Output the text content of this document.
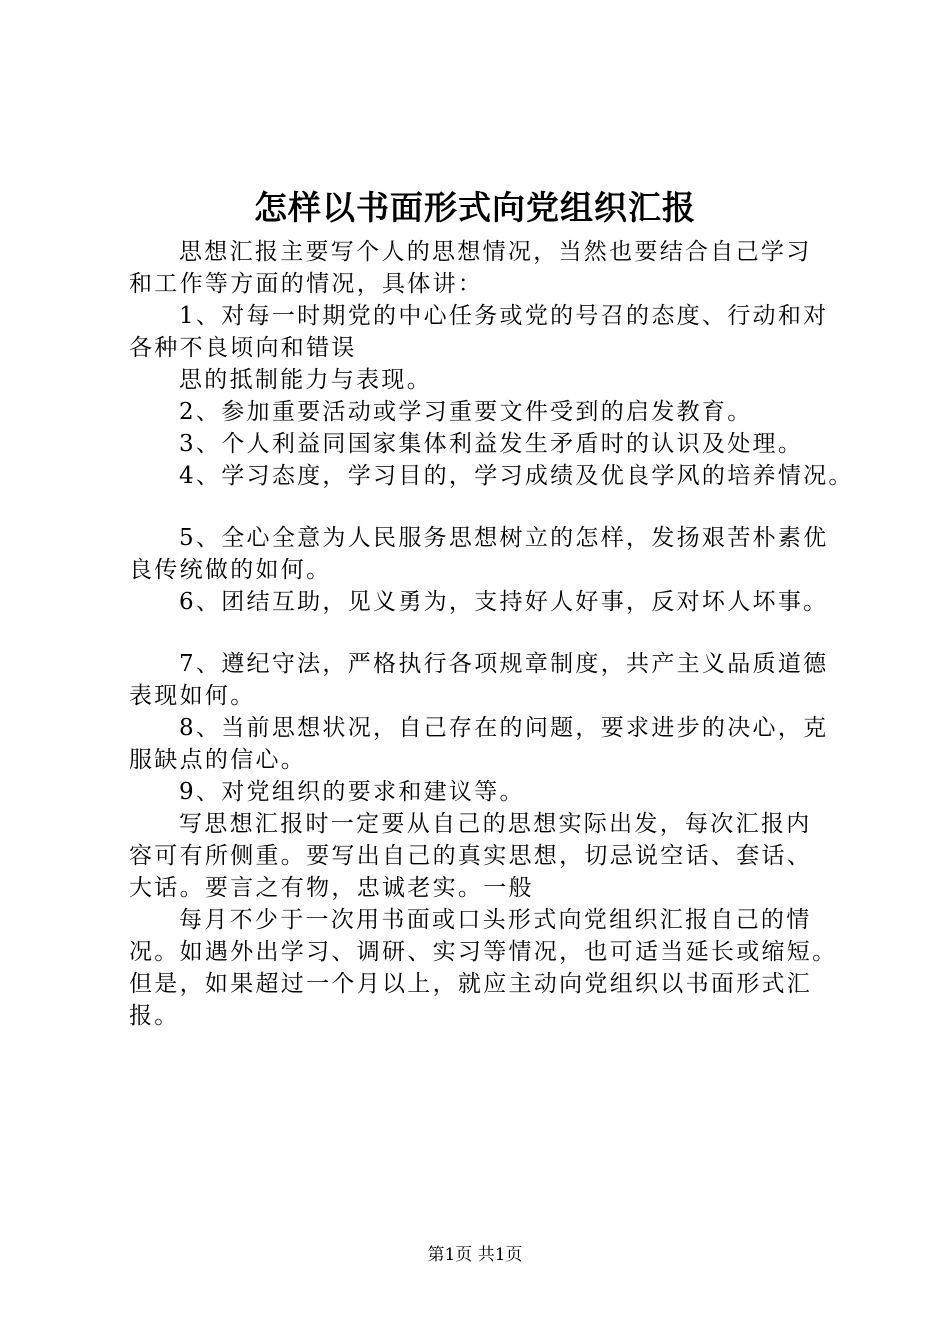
怎样以书面形式向党组织汇报
思想汇报主要写个人的思想情况，当然也要结合自己学习
和工作等方面的情况，具体讲：
1、对每一时期党的中心任务或党的号召的态度、行动和对
各种不良顷向和错误
思的抵制能力与表现。
2、参加重要活动或学习重要文件受到的启发教育。
3、个人利益同国家集体利益发生矛盾时的认识及处理。
4、学习态度，学习目的，学习成绩及优良学风的培养情况。
5、全心全意为人民服务思想树立的怎样，发扬艰苦朴素优
良传统做的如何。
6、团结互助，见义勇为，支持好人好事，反对坏人坏事。
7、遵纪守法，严格执行各项规章制度，共产主义品质道德
表现如何。
8、当前思想状况，自己存在的问题，要求进步的决心，克
服缺点的信心。
9、对党组织的要求和建议等。
写思想汇报时一定要从自己的思想实际出发，每次汇报内
容可有所侧重。要写出自己的真实思想，切忌说空话、套话、
大话。要言之有物，忠诚老实。一般
每月不少于一次用书面或口头形式向党组织汇报自己的情
况。如遇外出学习、调研、实习等情况，也可适当延长或缩短。
但是，如果超过一个月以上，就应主动向党组织以书面形式汇
报。
第1页 共1页
